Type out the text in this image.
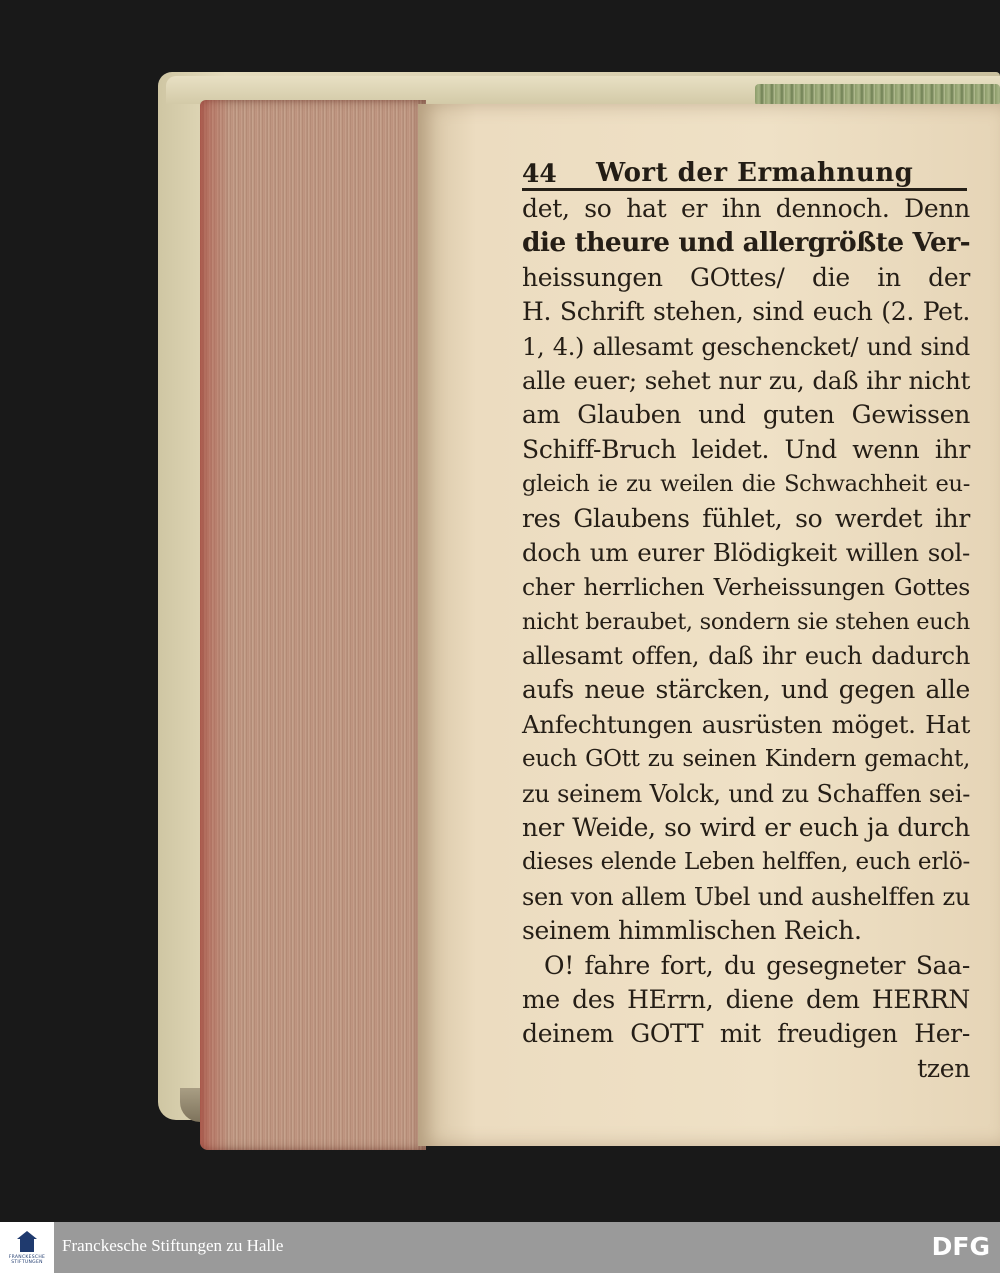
44	Wort der Ermahnung
det, so hat er ihn dennoch. Denn
die theure und allergrößte Ver-
heissungen GOttes/ die in der
H. Schrift stehen, sind euch (2. Pet.
1, 4.) allesamt geschencket/ und sind
alle euer; sehet nur zu, daß ihr nicht
am Glauben und guten Gewissen
Schiff-Bruch leidet. Und wenn ihr
gleich ie zu weilen die Schwachheit eu-
res Glaubens fühlet, so werdet ihr
doch um eurer Blödigkeit willen sol-
cher herrlichen Verheissungen Gottes
nicht beraubet, sondern sie stehen euch
allesamt offen, daß ihr euch dadurch
aufs neue stärcken, und gegen alle
Anfechtungen ausrüsten möget. Hat
euch GOtt zu seinen Kindern gemacht,
zu seinem Volck, und zu Schaffen sei-
ner Weide, so wird er euch ja durch
dieses elende Leben helffen, euch erlö-
sen von allem Ubel und aushelffen zu
seinem himmlischen Reich.
O! fahre fort, du gesegneter Saa-
me des HErrn, diene dem HERRN
deinem GOTT mit freudigen Her-
tzen
FRANCKESCHE STIFTUNGEN
Franckesche Stiftungen zu Halle	DFG
